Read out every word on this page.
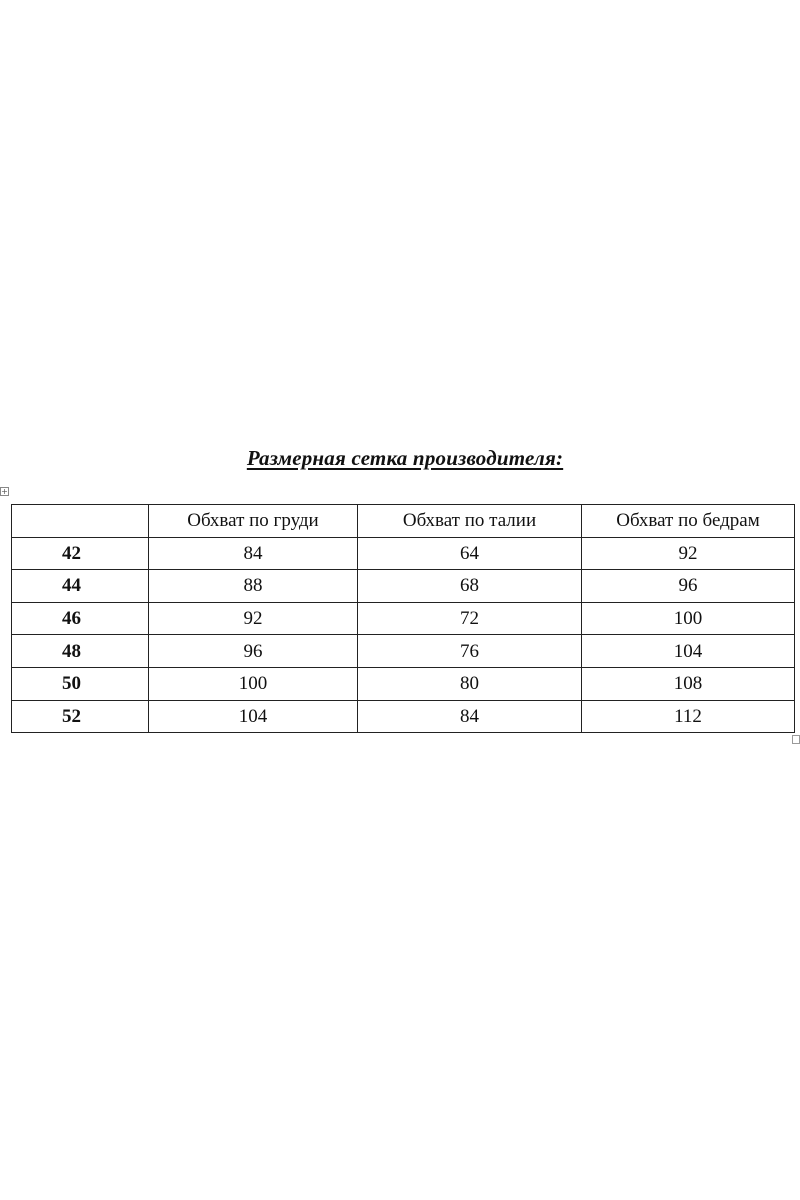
Размерная сетка производителя:
+
	Обхват по груди	Обхват по талии	Обхват по бедрам
42	84	64	92
44	88	68	96
46	92	72	100
48	96	76	104
50	100	80	108
52	104	84	112
